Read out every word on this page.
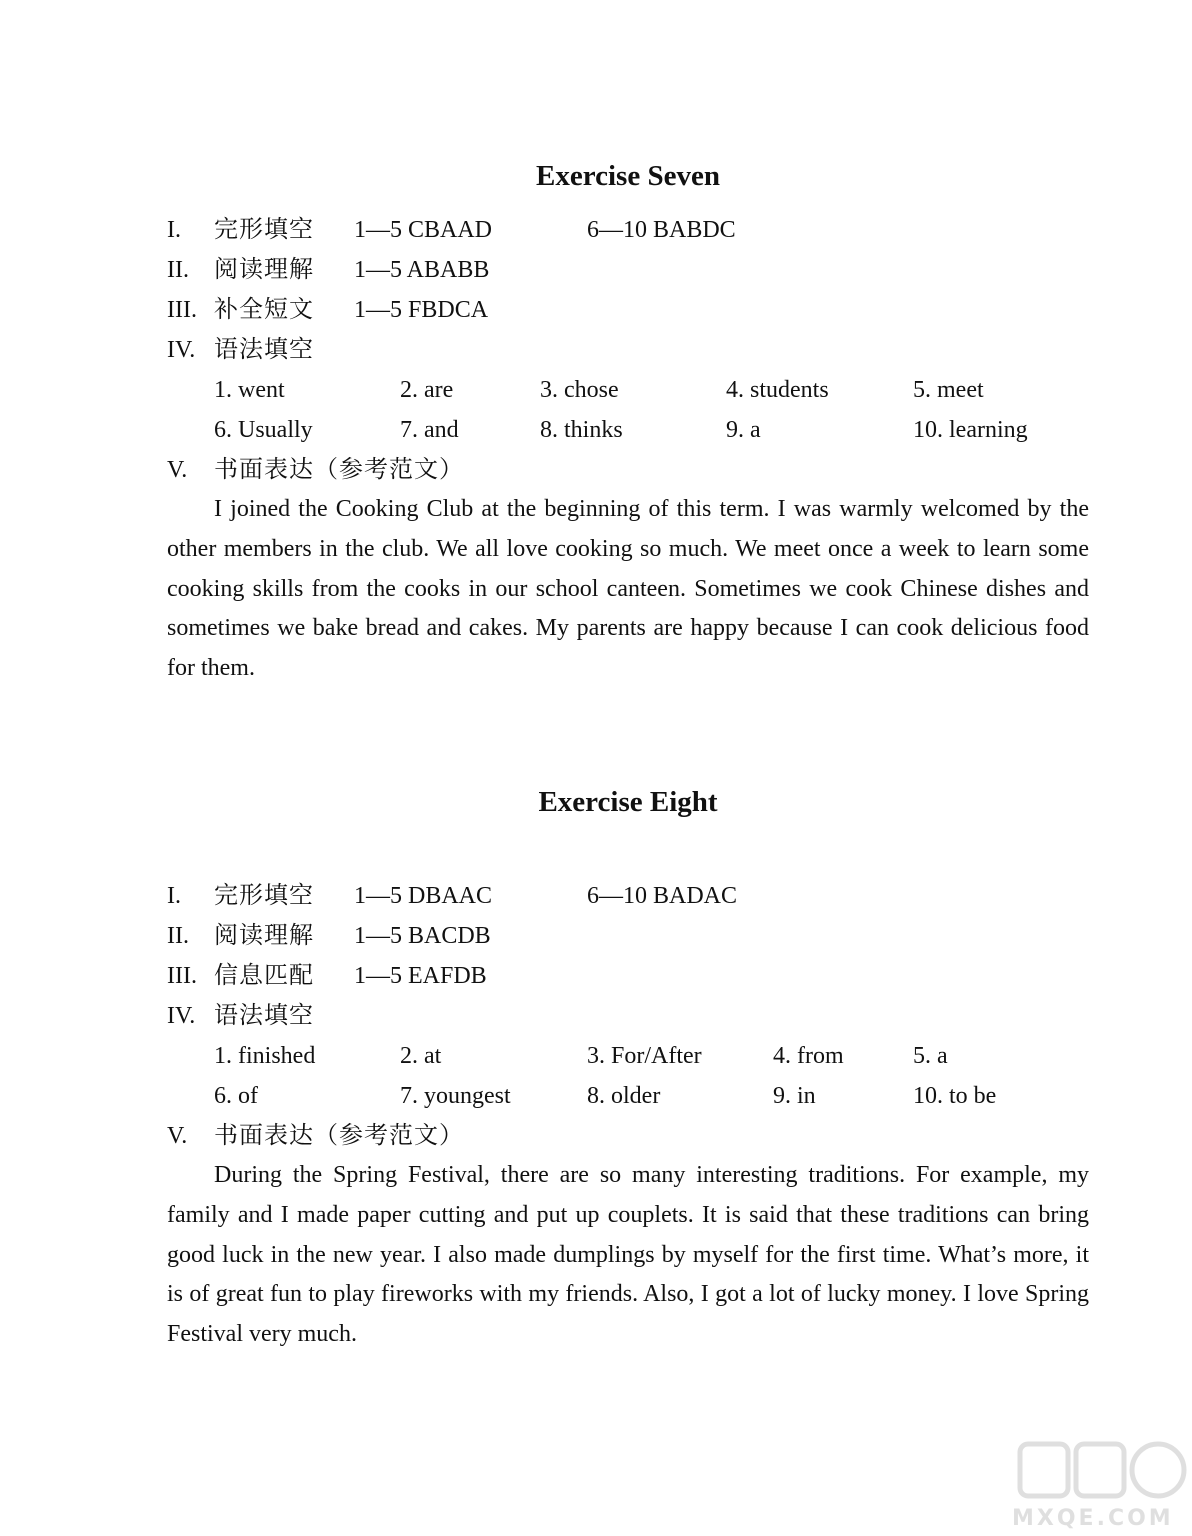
Exercise Seven
I. 完形填空 1—5 CBAAD	6—10 BABDC
II. 阅读理解 1—5 ABABB
III. 补全短文 1—5 FBDCA
IV. 语法填空
1. went	2. are	3. chose	4. students	5. meet
6. Usually	7. and	8. thinks	9. a	10. learning
V. 书面表达（参考范文）

I joined the Cooking Club at the beginning of this term. I was warmly welcomed by the other members in the club. We all love cooking so much. We meet once a week to learn some cooking skills from the cooks in our school canteen. Sometimes we cook Chinese dishes and sometimes we bake bread and cakes. My parents are happy because I can cook delicious food for them.

Exercise Eight
I. 完形填空 1—5 DBAAC	6—10 BADAC
II. 阅读理解 1—5 BACDB
III. 信息匹配 1—5 EAFDB
IV. 语法填空
1. finished	2. at	3. For/After	4. from	5. a
6. of	7. youngest	8. older	9. in	10. to be
V. 书面表达（参考范文）

During the Spring Festival, there are so many interesting traditions. For example, my family and I made paper cutting and put up couplets. It is said that these traditions can bring good luck in the new year. I also made dumplings by myself for the first time. What’s more, it is of great fun to play fireworks with my friends. Also, I got a lot of lucky money. I love Spring Festival very much.

MXQE.COM
